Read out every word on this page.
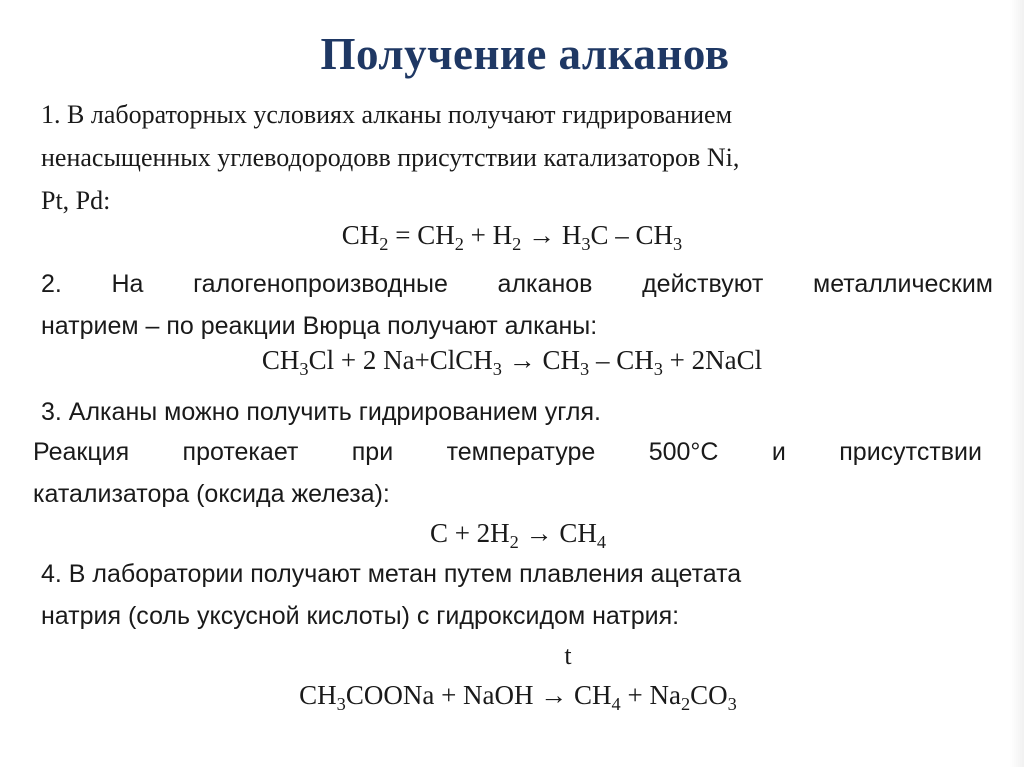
Получение алканов
1. В лабораторных условиях алканы получают гидрированием
ненасыщенных углеводородовв присутствии катализаторов Ni,
Pt, Pd:
$CH_2 = CH_2 + H_2 \to H_3C - CH_3$
2. На галогенопроизводные алканов действуют металлическим
натрием – по реакции Вюрца получают алканы:
$CH_3Cl + 2$ Na+ClCH$_3$ → $CH_3 - CH_3$ + 2NaCl
3. Алканы можно получить гидрированием угля.
Реакция протекает при температуре 500°С и присутствии
катализатора (оксида железа):
$С + 2Н_2 \to СН_4$
4. В лаборатории получают метан путем плавления ацетата
натрия (соль уксусной кислоты) с гидроксидом натрия:
t
$CH_3COONa$ + NaOH → $CH_4 + Na_2CO_3$
